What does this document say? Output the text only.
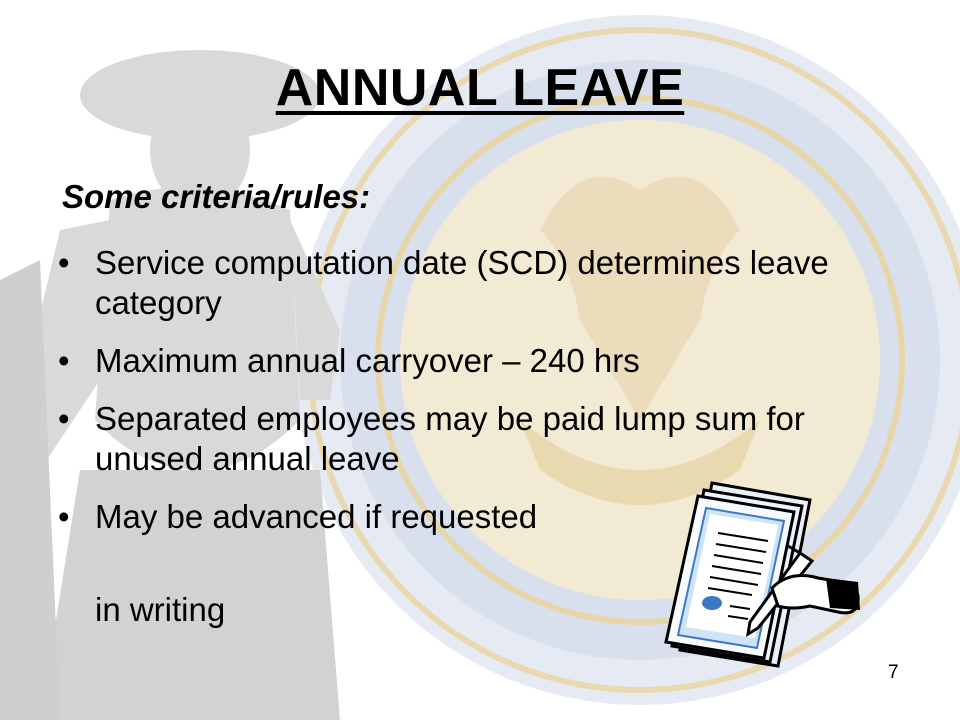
ANNUAL LEAVE
Some criteria/rules:
• Service computation date (SCD) determines leave category
• Maximum annual carryover – 240 hrs
• Separated employees may be paid lump sum for unused annual leave
• May be advanced if requested
in writing
7
